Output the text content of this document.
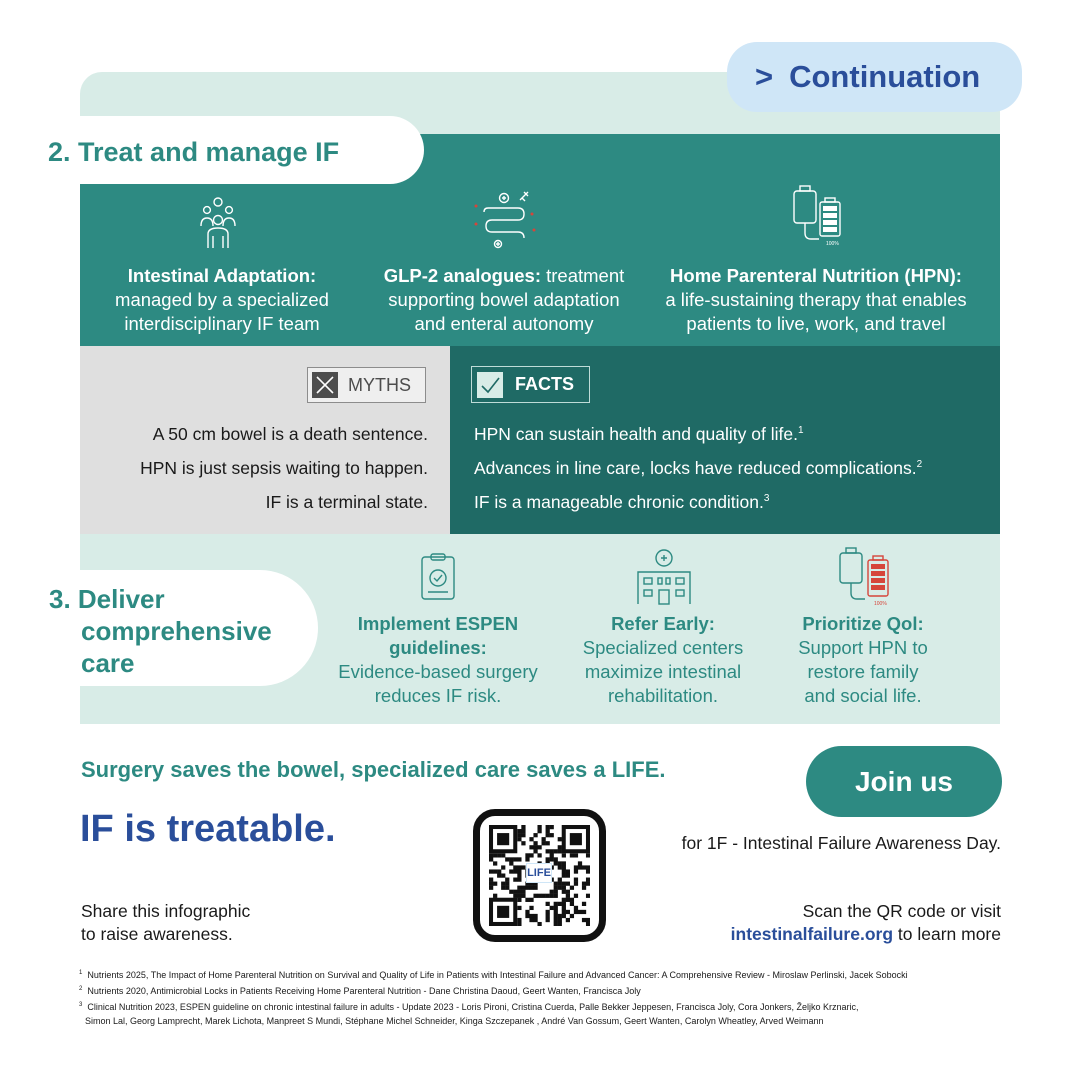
> Continuation
2. Treat and manage IF
Intestinal Adaptation:
managed by a specialized
interdisciplinary IF team
GLP-2 analogues: treatment
supporting bowel adaptation
and enteral autonomy
100%
Home Parenteral Nutrition (HPN):
a life-sustaining therapy that enables
patients to live, work, and travel
MYTHS	FACTS
A 50 cm bowel is a death sentence.
HPN is just sepsis waiting to happen.
IF is a terminal state.
HPN can sustain health and quality of life.$^1$
Advances in line care, locks have reduced complications.$^2$
IF is a manageable chronic condition.$^3$
3. Deliver
comprehensive
care
100%
Implement ESPEN
guidelines:
Evidence-based surgery
reduces IF risk.
Refer Early:
Specialized centers
maximize intestinal
rehabilitation.
Prioritize Qol:
Support HPN to
restore family
and social life.
Surgery saves the bowel, specialized care saves a LIFE.	Join us
IF is treatable.
Share this infographic
to raise awareness.
LIFE
for 1F - Intestinal Failure Awareness Day.
Scan the QR code or visit
intestinalfailure.org to learn more
$^1$ Nutrients 2025, The Impact of Home Parenteral Nutrition on Survival and Quality of Life in Patients with Intestinal Failure and Advanced Cancer: A Comprehensive Review - Miroslaw Perlinski, Jacek Sobocki
$^2$ Nutrients 2020, Antimicrobial Locks in Patients Receiving Home Parenteral Nutrition - Dane Christina Daoud, Geert Wanten, Francisca Joly
$^3$ Clinical Nutrition 2023, ESPEN guideline on chronic intestinal failure in adults - Update 2023 - Loris Pironi, Cristina Cuerda, Palle Bekker Jeppesen, Francisca Joly, Cora Jonkers, Željko Krznaric,
Simon Lal, Georg Lamprecht, Marek Lichota, Manpreet S Mundi, Stéphane Michel Schneider, Kinga Szczepanek , André Van Gossum, Geert Wanten, Carolyn Wheatley, Arved Weimann
